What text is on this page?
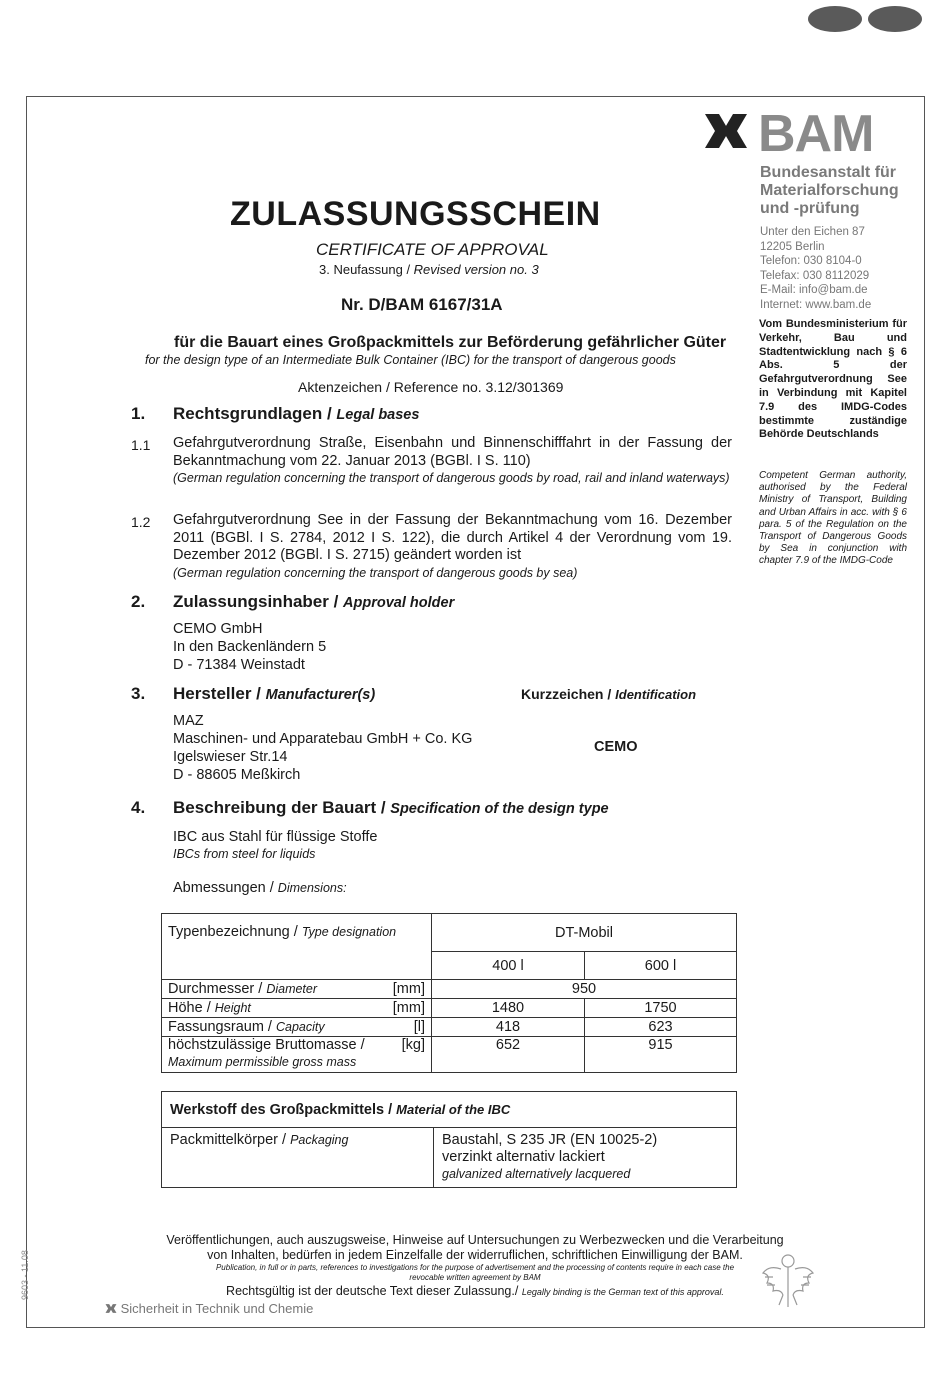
BAM
Bundesanstalt für
Materialforschung
und -prüfung
Unter den Eichen 87
12205 Berlin
Telefon: 030 8104-0
Telefax: 030 8112029
E-Mail: info@bam.de
Internet: www.bam.de
Vom Bundesministerium für Verkehr, Bau und Stadtentwicklung nach § 6 Abs. 5 der Gefahrgutverordnung See in Verbindung mit Kapitel 7.9 des IMDG-Codes bestimmte zuständige Behörde Deutschlands
Competent German authority, authorised by the Federal Ministry of Transport, Building and Urban Affairs in acc. with § 6 para. 5 of the Regulation on the Transport of Dangerous Goods by Sea in conjunction with chapter 7.9 of the IMDG-Code
ZULASSUNGSSCHEIN
CERTIFICATE OF APPROVAL
3. Neufassung / Revised version no. 3
Nr. D/BAM 6167/31A
für die Bauart eines Großpackmittels zur Beförderung gefährlicher Güter
for the design type of an Intermediate Bulk Container (IBC) for the transport of dangerous goods
Aktenzeichen / Reference no. 3.12/301369
1. Rechtsgrundlagen / Legal bases
1.1 Gefahrgutverordnung Straße, Eisenbahn und Binnenschifffahrt in der Fassung der Bekanntmachung vom 22. Januar 2013 (BGBl. I S. 110)
(German regulation concerning the transport of dangerous goods by road, rail and inland waterways)
1.2 Gefahrgutverordnung See in der Fassung der Bekanntmachung vom 16. Dezember 2011 (BGBl. I S. 2784, 2012 I S. 122), die durch Artikel 4 der Verordnung vom 19. Dezember 2012 (BGBl. I S. 2715) geändert worden ist
(German regulation concerning the transport of dangerous goods by sea)
2. Zulassungsinhaber / Approval holder
CEMO GmbH
In den Backenländern 5
D - 71384 Weinstadt
3. Hersteller / Manufacturer(s)	Kurzzeichen / Identification
MAZ
Maschinen- und Apparatebau GmbH + Co. KG
Igelswieser Str.14
D - 88605 Meßkirch
CEMO
4. Beschreibung der Bauart / Specification of the design type
IBC aus Stahl für flüssige Stoffe
IBCs from steel for liquids
Abmessungen / Dimensions:
Typenbezeichnung / Type designation	DT-Mobil	
	400 l	600 l
Durchmesser / Diameter [mm]	950	
Höhe / Height [mm]	1480	1750
Fassungsraum / Capacity [l]	418	623
höchstzulässige Bruttomasse / [kg]

Maximum permissible gross mass	652	915
Werkstoff des Großpackmittels / Material of the IBC
Packmittelkörper / Packaging	Baustahl, S 235 JR (EN 10025-2)
verzinkt alternativ lackiert
galvanized alternatively lacquered
Veröffentlichungen, auch auszugsweise, Hinweise auf Untersuchungen zu Werbezwecken und die Verarbeitung
von Inhalten, bedürfen in jedem Einzelfalle der widerruflichen, schriftlichen Einwilligung der BAM.
Publication, in full or in parts, references to investigations for the purpose of advertisement and the processing of contents require in each case the
revocable written agreement by BAM
Rechtsgültig ist der deutsche Text dieser Zulassung./ Legally binding is the German text of this approval.
9603 - 11.08
Sicherheit in Technik und Chemie
